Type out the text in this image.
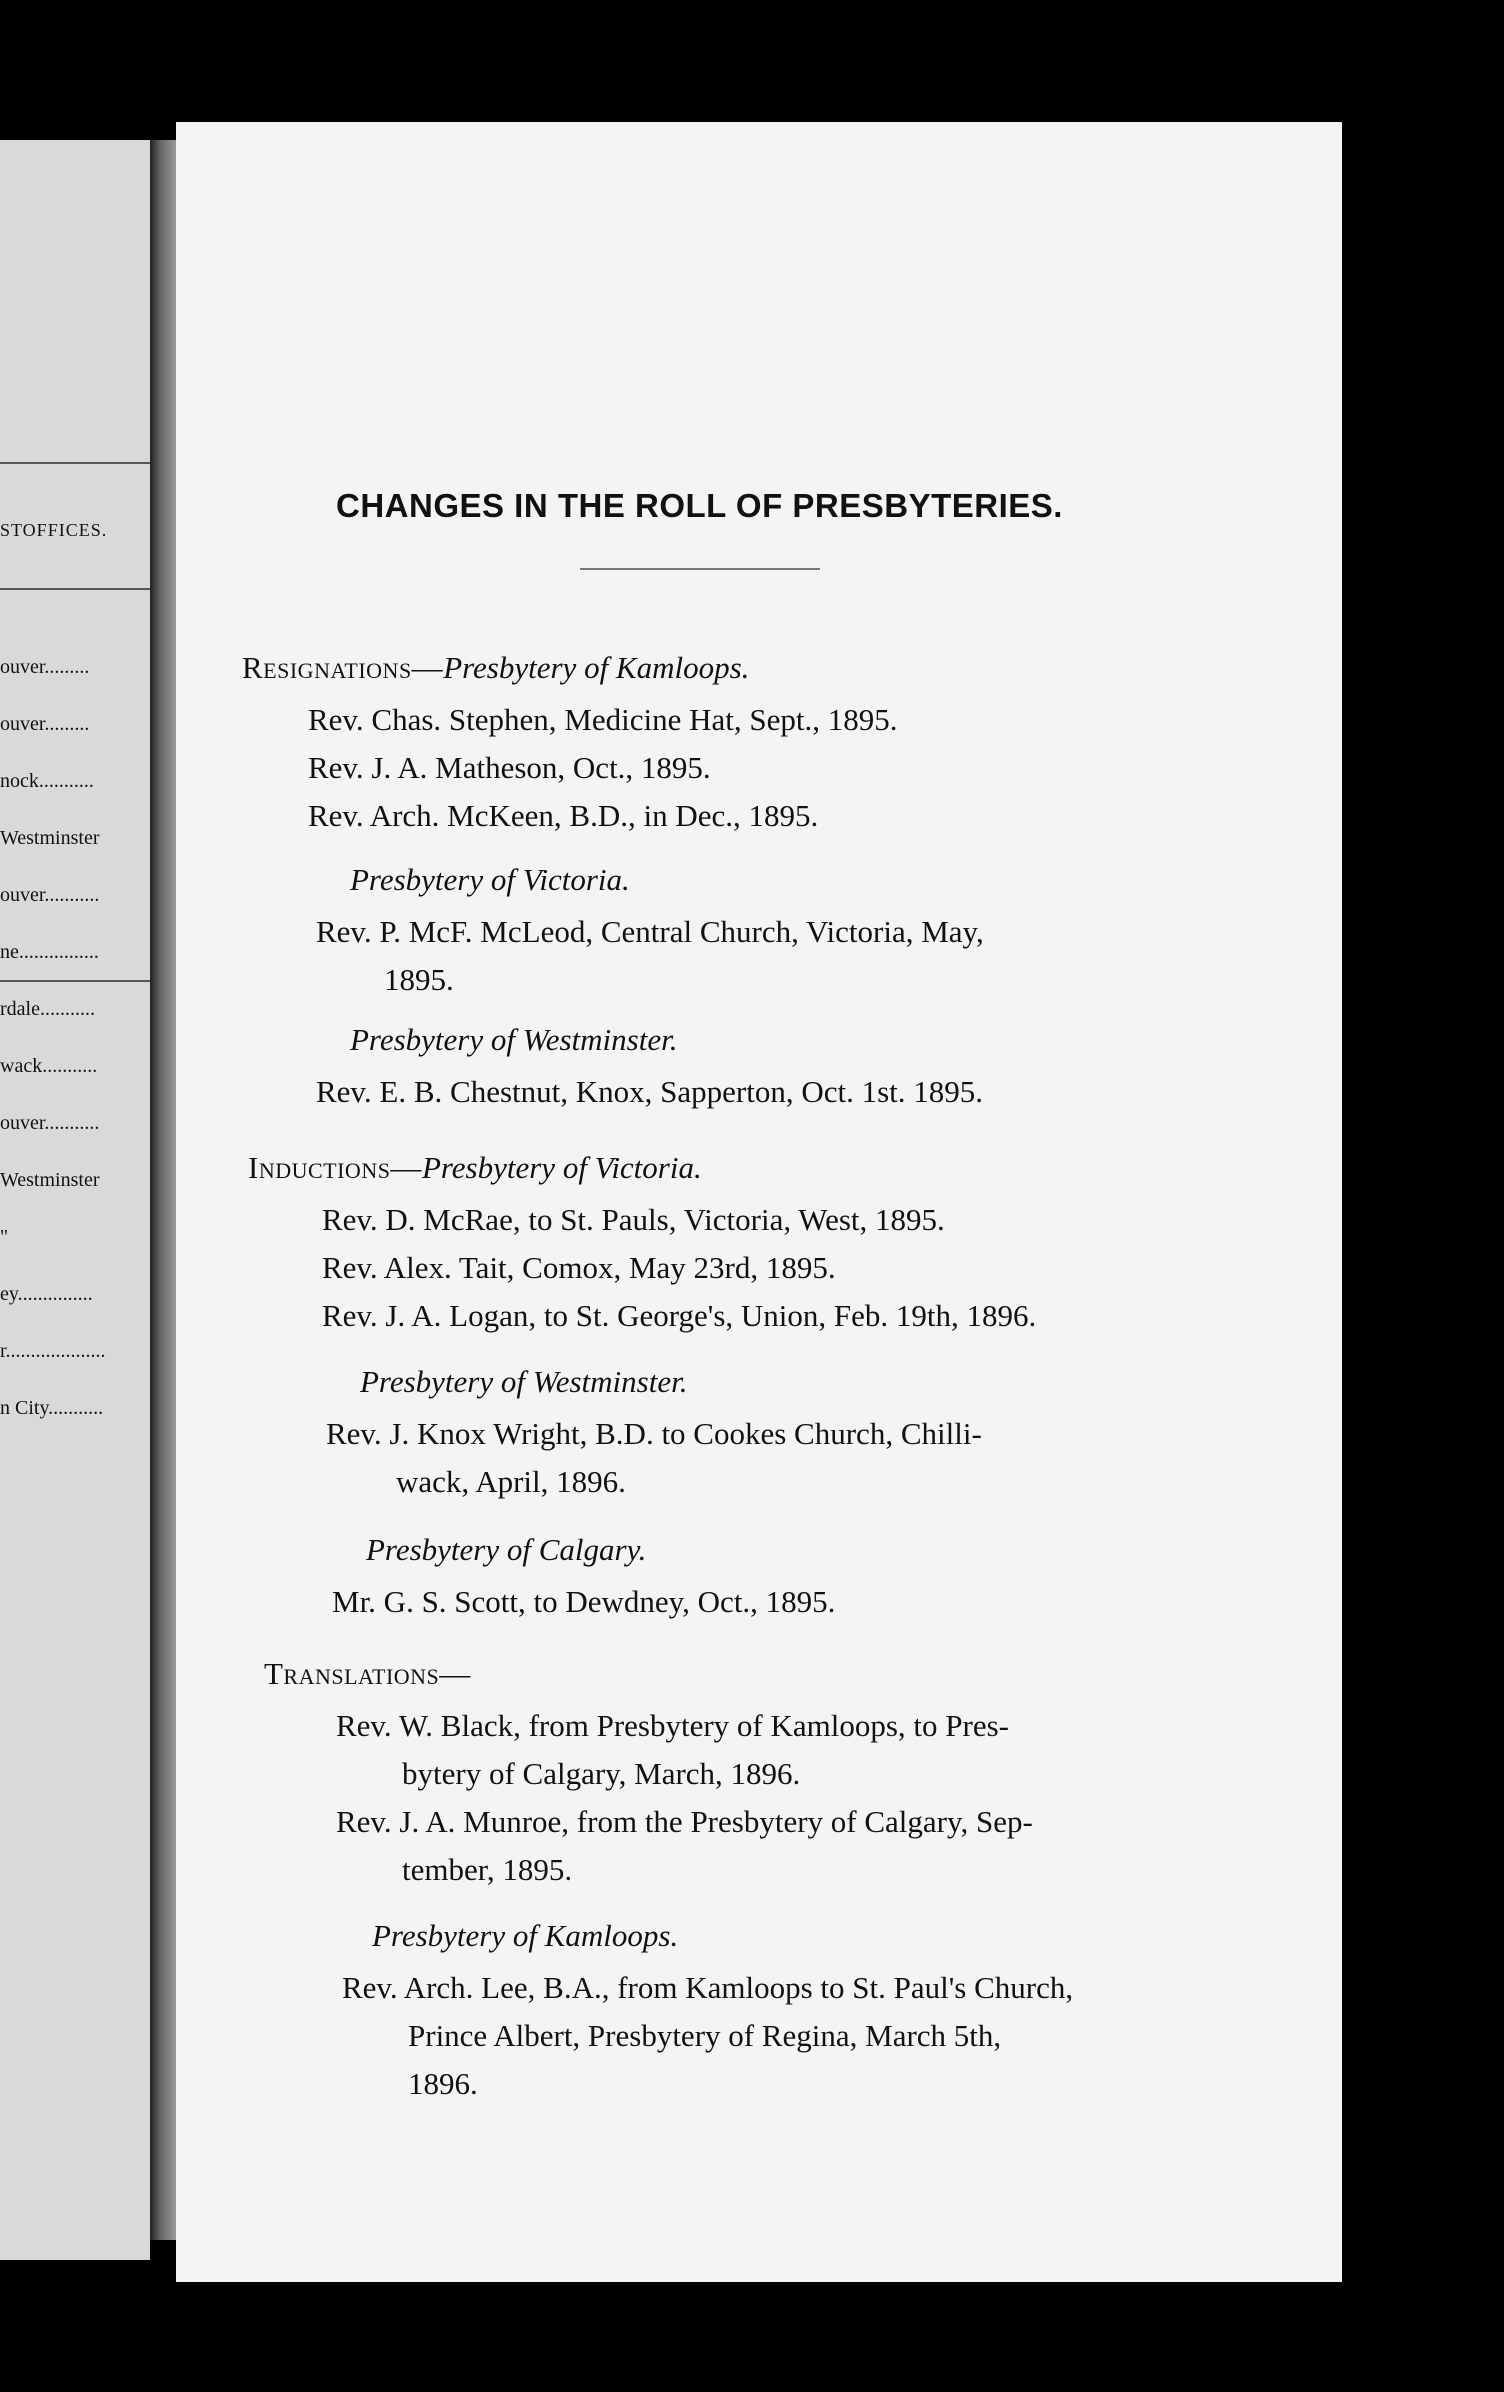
STOFFICES.

ouver.........

ouver.........

nock...........

Westminster

ouver...........

ne................

rdale...........

wack...........

ouver...........

Westminster

"

ey...............

r....................

n City...........

CHANGES IN THE ROLL OF PRESBYTERIES.
Resignations—Presbytery of Kamloops.
Rev. Chas. Stephen, Medicine Hat, Sept., 1895.
Rev. J. A. Matheson, Oct., 1895.
Rev. Arch. McKeen, B.D., in Dec., 1895.
Presbytery of Victoria.
Rev. P. McF. McLeod, Central Church, Victoria, May,
1895.
Presbytery of Westminster.
Rev. E. B. Chestnut, Knox, Sapperton, Oct. 1st. 1895.
Inductions—Presbytery of Victoria.
Rev. D. McRae, to St. Pauls, Victoria, West, 1895.
Rev. Alex. Tait, Comox, May 23rd, 1895.
Rev. J. A. Logan, to St. George's, Union, Feb. 19th, 1896.
Presbytery of Westminster.
Rev. J. Knox Wright, B.D. to Cookes Church, Chilli-
wack, April, 1896.
Presbytery of Calgary.
Mr. G. S. Scott, to Dewdney, Oct., 1895.
Translations—
Rev. W. Black, from Presbytery of Kamloops, to Pres-
bytery of Calgary, March, 1896.
Rev. J. A. Munroe, from the Presbytery of Calgary, Sep-
tember, 1895.
Presbytery of Kamloops.
Rev. Arch. Lee, B.A., from Kamloops to St. Paul's Church,
Prince Albert, Presbytery of Regina, March 5th,
1896.
